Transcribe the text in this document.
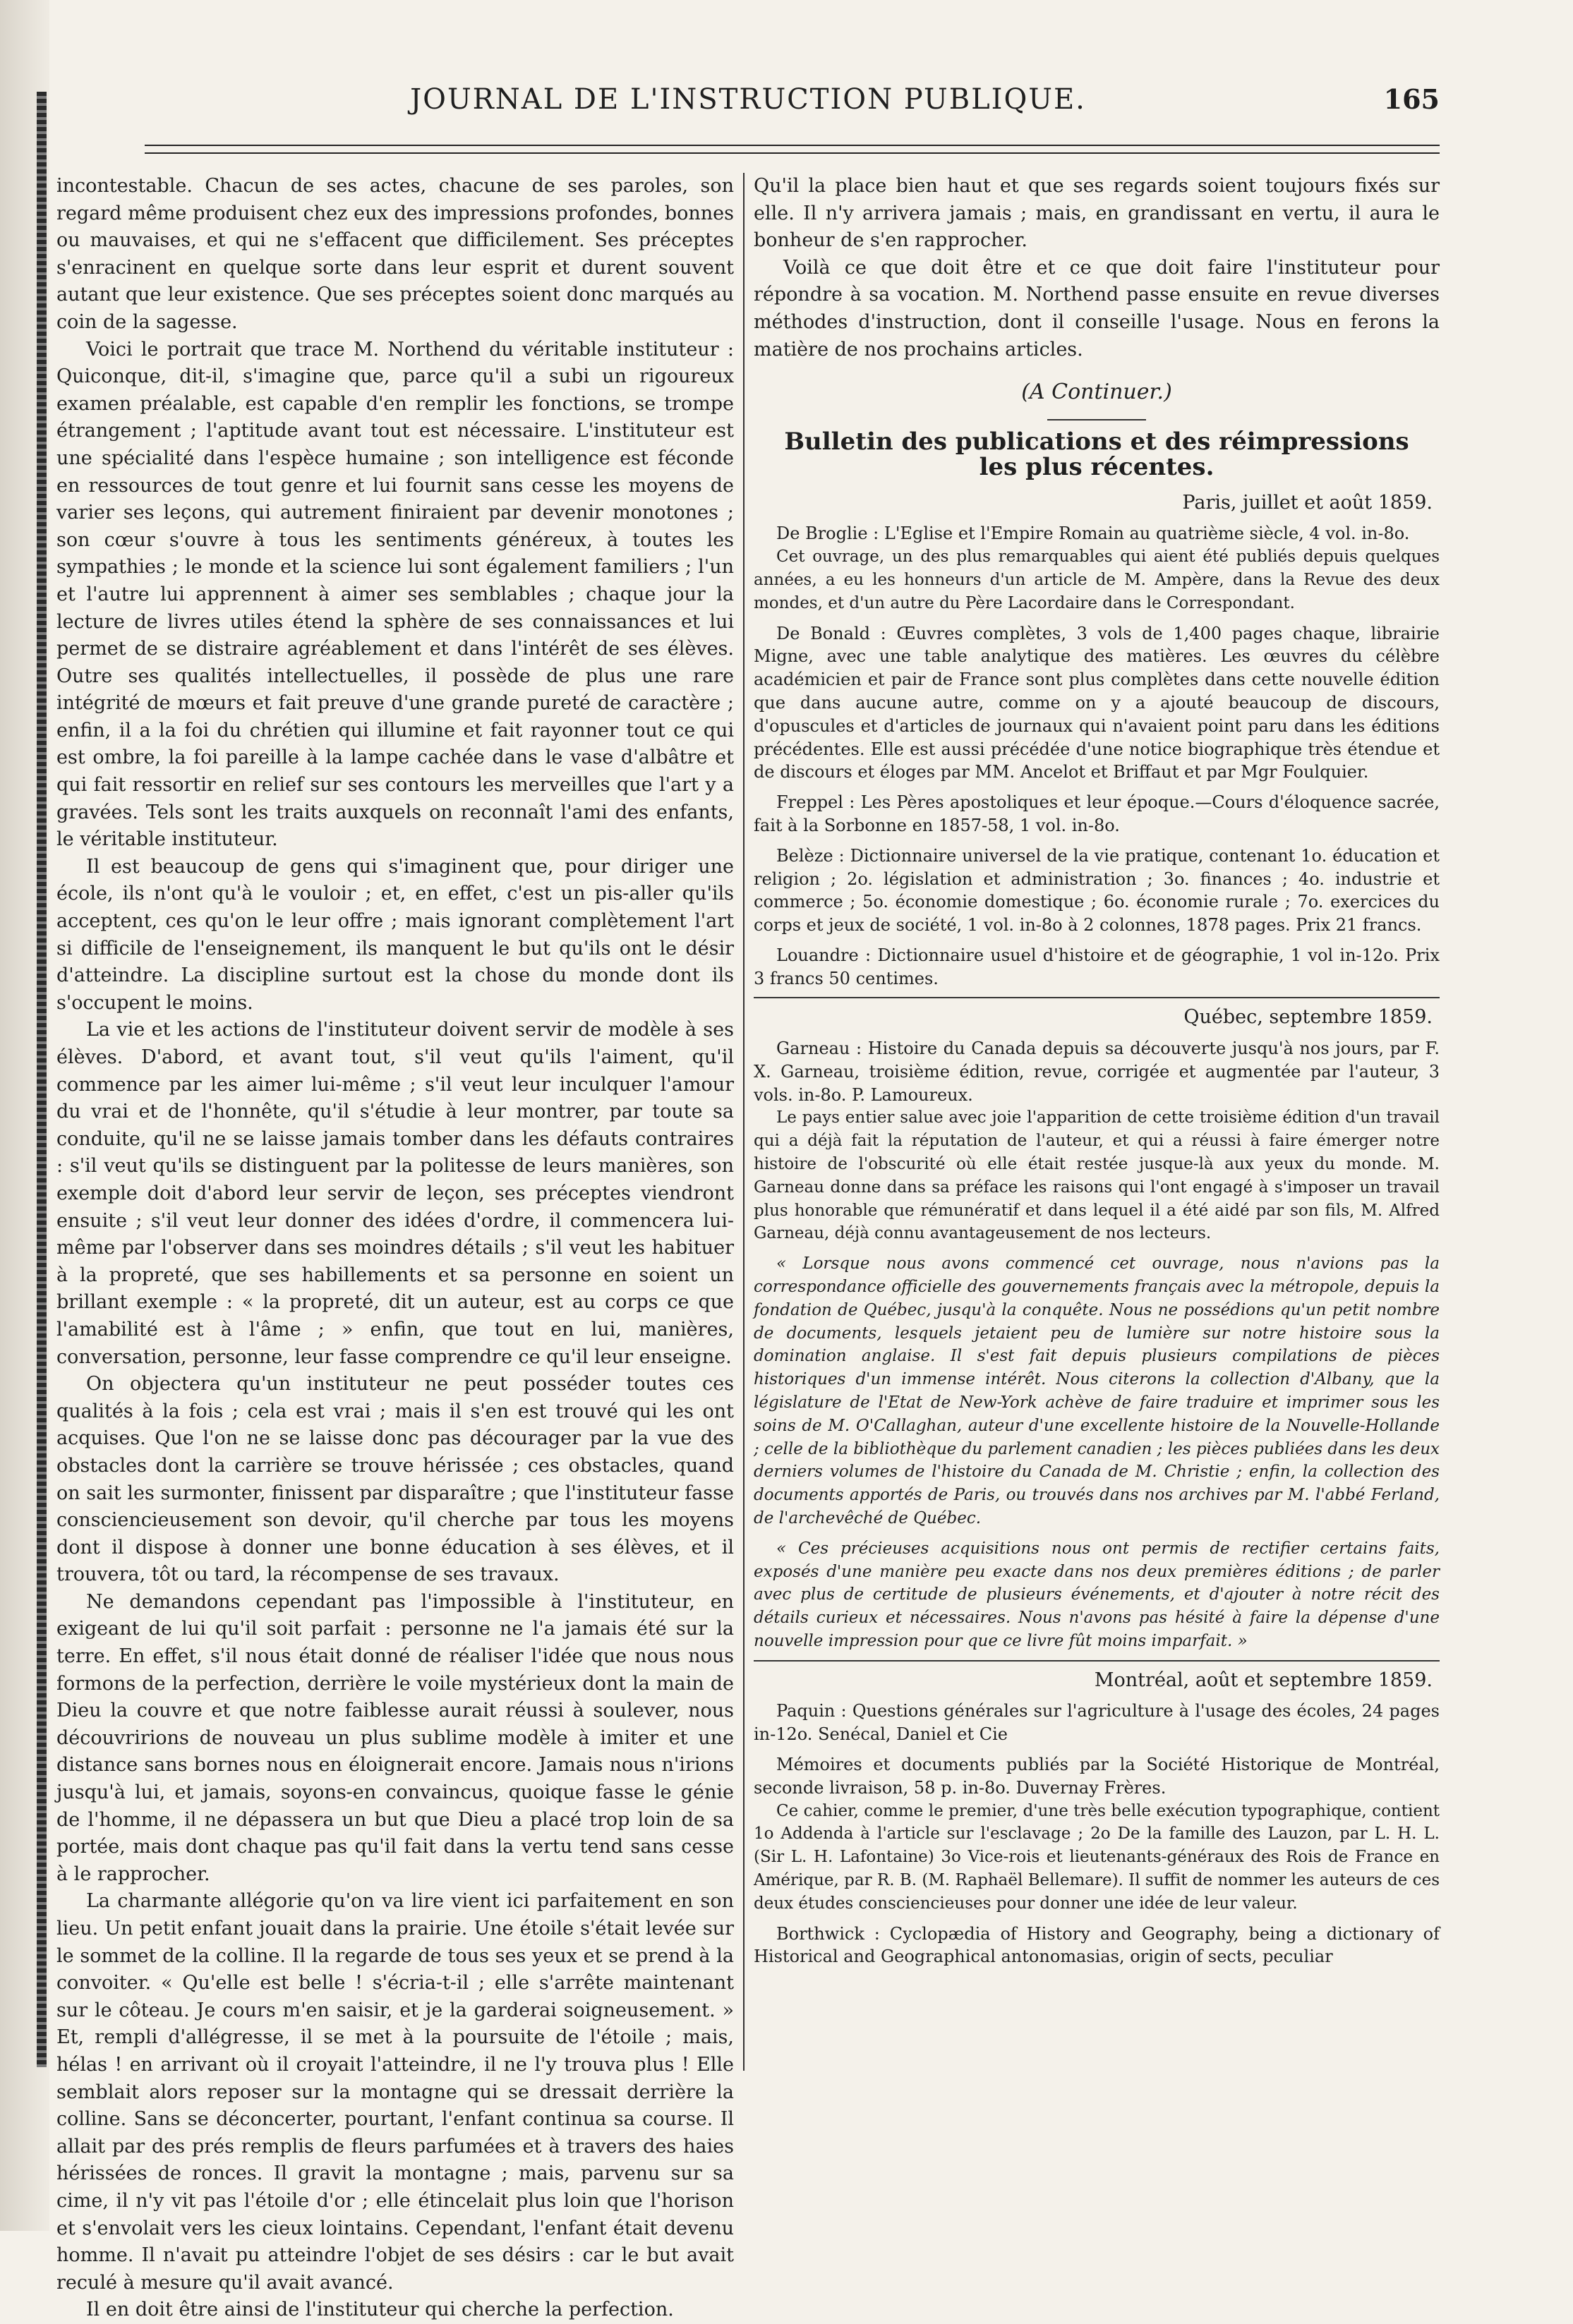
JOURNAL DE L'INSTRUCTION PUBLIQUE.	165

incontestable. Chacun de ses actes, chacune de ses paroles, son regard même produisent chez eux des impressions profondes, bonnes ou mauvaises, et qui ne s'effacent que difficilement. Ses préceptes s'enracinent en quelque sorte dans leur esprit et durent souvent autant que leur existence. Que ses préceptes soient donc marqués au coin de la sagesse.

Voici le portrait que trace M. Northend du véritable instituteur : Quiconque, dit-il, s'imagine que, parce qu'il a subi un rigoureux examen préalable, est capable d'en remplir les fonctions, se trompe étrangement ; l'aptitude avant tout est nécessaire. L'instituteur est une spécialité dans l'espèce humaine ; son intelligence est féconde en ressources de tout genre et lui fournit sans cesse les moyens de varier ses leçons, qui autrement finiraient par devenir monotones ; son cœur s'ouvre à tous les sentiments généreux, à toutes les sympathies ; le monde et la science lui sont également familiers ; l'un et l'autre lui apprennent à aimer ses semblables ; chaque jour la lecture de livres utiles étend la sphère de ses connaissances et lui permet de se distraire agréablement et dans l'intérêt de ses élèves. Outre ses qualités intellectuelles, il possède de plus une rare intégrité de mœurs et fait preuve d'une grande pureté de caractère ; enfin, il a la foi du chrétien qui illumine et fait rayonner tout ce qui est ombre, la foi pareille à la lampe cachée dans le vase d'albâtre et qui fait ressortir en relief sur ses contours les merveilles que l'art y a gravées. Tels sont les traits auxquels on reconnaît l'ami des enfants, le véritable instituteur.

Il est beaucoup de gens qui s'imaginent que, pour diriger une école, ils n'ont qu'à le vouloir ; et, en effet, c'est un pis-aller qu'ils acceptent, ces qu'on le leur offre ; mais ignorant complètement l'art si difficile de l'enseignement, ils manquent le but qu'ils ont le désir d'atteindre. La discipline surtout est la chose du monde dont ils s'occupent le moins.

La vie et les actions de l'instituteur doivent servir de modèle à ses élèves. D'abord, et avant tout, s'il veut qu'ils l'aiment, qu'il commence par les aimer lui-même ; s'il veut leur inculquer l'amour du vrai et de l'honnête, qu'il s'étudie à leur montrer, par toute sa conduite, qu'il ne se laisse jamais tomber dans les défauts contraires : s'il veut qu'ils se distinguent par la politesse de leurs manières, son exemple doit d'abord leur servir de leçon, ses préceptes viendront ensuite ; s'il veut leur donner des idées d'ordre, il commencera lui-même par l'observer dans ses moindres détails ; s'il veut les habituer à la propreté, que ses habillements et sa personne en soient un brillant exemple : « la propreté, dit un auteur, est au corps ce que l'amabilité est à l'âme ; » enfin, que tout en lui, manières, conversation, personne, leur fasse comprendre ce qu'il leur enseigne.

On objectera qu'un instituteur ne peut posséder toutes ces qualités à la fois ; cela est vrai ; mais il s'en est trouvé qui les ont acquises. Que l'on ne se laisse donc pas décourager par la vue des obstacles dont la carrière se trouve hérissée ; ces obstacles, quand on sait les surmonter, finissent par disparaître ; que l'instituteur fasse consciencieusement son devoir, qu'il cherche par tous les moyens dont il dispose à donner une bonne éducation à ses élèves, et il trouvera, tôt ou tard, la récompense de ses travaux.

Ne demandons cependant pas l'impossible à l'instituteur, en exigeant de lui qu'il soit parfait : personne ne l'a jamais été sur la terre. En effet, s'il nous était donné de réaliser l'idée que nous nous formons de la perfection, derrière le voile mystérieux dont la main de Dieu la couvre et que notre faiblesse aurait réussi à soulever, nous découvririons de nouveau un plus sublime modèle à imiter et une distance sans bornes nous en éloignerait encore. Jamais nous n'irions jusqu'à lui, et jamais, soyons-en convaincus, quoique fasse le génie de l'homme, il ne dépassera un but que Dieu a placé trop loin de sa portée, mais dont chaque pas qu'il fait dans la vertu tend sans cesse à le rapprocher.

La charmante allégorie qu'on va lire vient ici parfaitement en son lieu. Un petit enfant jouait dans la prairie. Une étoile s'était levée sur le sommet de la colline. Il la regarde de tous ses yeux et se prend à la convoiter. « Qu'elle est belle ! s'écria-t-il ; elle s'arrête maintenant sur le côteau. Je cours m'en saisir, et je la garderai soigneusement. » Et, rempli d'allégresse, il se met à la poursuite de l'étoile ; mais, hélas ! en arrivant où il croyait l'atteindre, il ne l'y trouva plus ! Elle semblait alors reposer sur la montagne qui se dressait derrière la colline. Sans se déconcerter, pourtant, l'enfant continua sa course. Il allait par des prés remplis de fleurs parfumées et à travers des haies hérissées de ronces. Il gravit la montagne ; mais, parvenu sur sa cime, il n'y vit pas l'étoile d'or ; elle étincelait plus loin que l'horison et s'envolait vers les cieux lointains. Cependant, l'enfant était devenu homme. Il n'avait pu atteindre l'objet de ses désirs : car le but avait reculé à mesure qu'il avait avancé.

Il en doit être ainsi de l'instituteur qui cherche la perfection.

Qu'il la place bien haut et que ses regards soient toujours fixés sur elle. Il n'y arrivera jamais ; mais, en grandissant en vertu, il aura le bonheur de s'en rapprocher.

Voilà ce que doit être et ce que doit faire l'instituteur pour répondre à sa vocation. M. Northend passe ensuite en revue diverses méthodes d'instruction, dont il conseille l'usage. Nous en ferons la matière de nos prochains articles.

(A Continuer.)
Bulletin des publications et des réimpressions les plus récentes.
Paris, juillet et août 1859.

De Broglie : L'Eglise et l'Empire Romain au quatrième siècle, 4 vol. in-8o.

Cet ouvrage, un des plus remarquables qui aient été publiés depuis quelques années, a eu les honneurs d'un article de M. Ampère, dans la Revue des deux mondes, et d'un autre du Père Lacordaire dans le Correspondant.

De Bonald : Œuvres complètes, 3 vols de 1,400 pages chaque, librairie Migne, avec une table analytique des matières. Les œuvres du célèbre académicien et pair de France sont plus complètes dans cette nouvelle édition que dans aucune autre, comme on y a ajouté beaucoup de discours, d'opuscules et d'articles de journaux qui n'avaient point paru dans les éditions précédentes. Elle est aussi précédée d'une notice biographique très étendue et de discours et éloges par MM. Ancelot et Briffaut et par Mgr Foulquier.

Freppel : Les Pères apostoliques et leur époque.—Cours d'éloquence sacrée, fait à la Sorbonne en 1857-58, 1 vol. in-8o.

Belèze : Dictionnaire universel de la vie pratique, contenant 1o. éducation et religion ; 2o. législation et administration ; 3o. finances ; 4o. industrie et commerce ; 5o. économie domestique ; 6o. économie rurale ; 7o. exercices du corps et jeux de société, 1 vol. in-8o à 2 colonnes, 1878 pages. Prix 21 francs.

Louandre : Dictionnaire usuel d'histoire et de géographie, 1 vol in-12o. Prix 3 francs 50 centimes.

Québec, septembre 1859.

Garneau : Histoire du Canada depuis sa découverte jusqu'à nos jours, par F. X. Garneau, troisième édition, revue, corrigée et augmentée par l'auteur, 3 vols. in-8o. P. Lamoureux.

Le pays entier salue avec joie l'apparition de cette troisième édition d'un travail qui a déjà fait la réputation de l'auteur, et qui a réussi à faire émerger notre histoire de l'obscurité où elle était restée jusque-là aux yeux du monde. M. Garneau donne dans sa préface les raisons qui l'ont engagé à s'imposer un travail plus honorable que rémunératif et dans lequel il a été aidé par son fils, M. Alfred Garneau, déjà connu avantageusement de nos lecteurs.

« Lorsque nous avons commencé cet ouvrage, nous n'avions pas la correspondance officielle des gouvernements français avec la métropole, depuis la fondation de Québec, jusqu'à la conquête. Nous ne possédions qu'un petit nombre de documents, lesquels jetaient peu de lumière sur notre histoire sous la domination anglaise. Il s'est fait depuis plusieurs compilations de pièces historiques d'un immense intérêt. Nous citerons la collection d'Albany, que la législature de l'Etat de New-York achève de faire traduire et imprimer sous les soins de M. O'Callaghan, auteur d'une excellente histoire de la Nouvelle-Hollande ; celle de la bibliothèque du parlement canadien ; les pièces publiées dans les deux derniers volumes de l'histoire du Canada de M. Christie ; enfin, la collection des documents apportés de Paris, ou trouvés dans nos archives par M. l'abbé Ferland, de l'archevêché de Québec.

« Ces précieuses acquisitions nous ont permis de rectifier certains faits, exposés d'une manière peu exacte dans nos deux premières éditions ; de parler avec plus de certitude de plusieurs événements, et d'ajouter à notre récit des détails curieux et nécessaires. Nous n'avons pas hésité à faire la dépense d'une nouvelle impression pour que ce livre fût moins imparfait. »

Montréal, août et septembre 1859.

Paquin : Questions générales sur l'agriculture à l'usage des écoles, 24 pages in-12o. Senécal, Daniel et Cie

Mémoires et documents publiés par la Société Historique de Montréal, seconde livraison, 58 p. in-8o. Duvernay Frères.

Ce cahier, comme le premier, d'une très belle exécution typographique, contient 1o Addenda à l'article sur l'esclavage ; 2o De la famille des Lauzon, par L. H. L. (Sir L. H. Lafontaine) 3o Vice-rois et lieutenants-généraux des Rois de France en Amérique, par R. B. (M. Raphaël Bellemare). Il suffit de nommer les auteurs de ces deux études consciencieuses pour donner une idée de leur valeur.

Borthwick : Cyclopædia of History and Geography, being a dictionary of Historical and Geographical antonomasias, origin of sects, peculiar
